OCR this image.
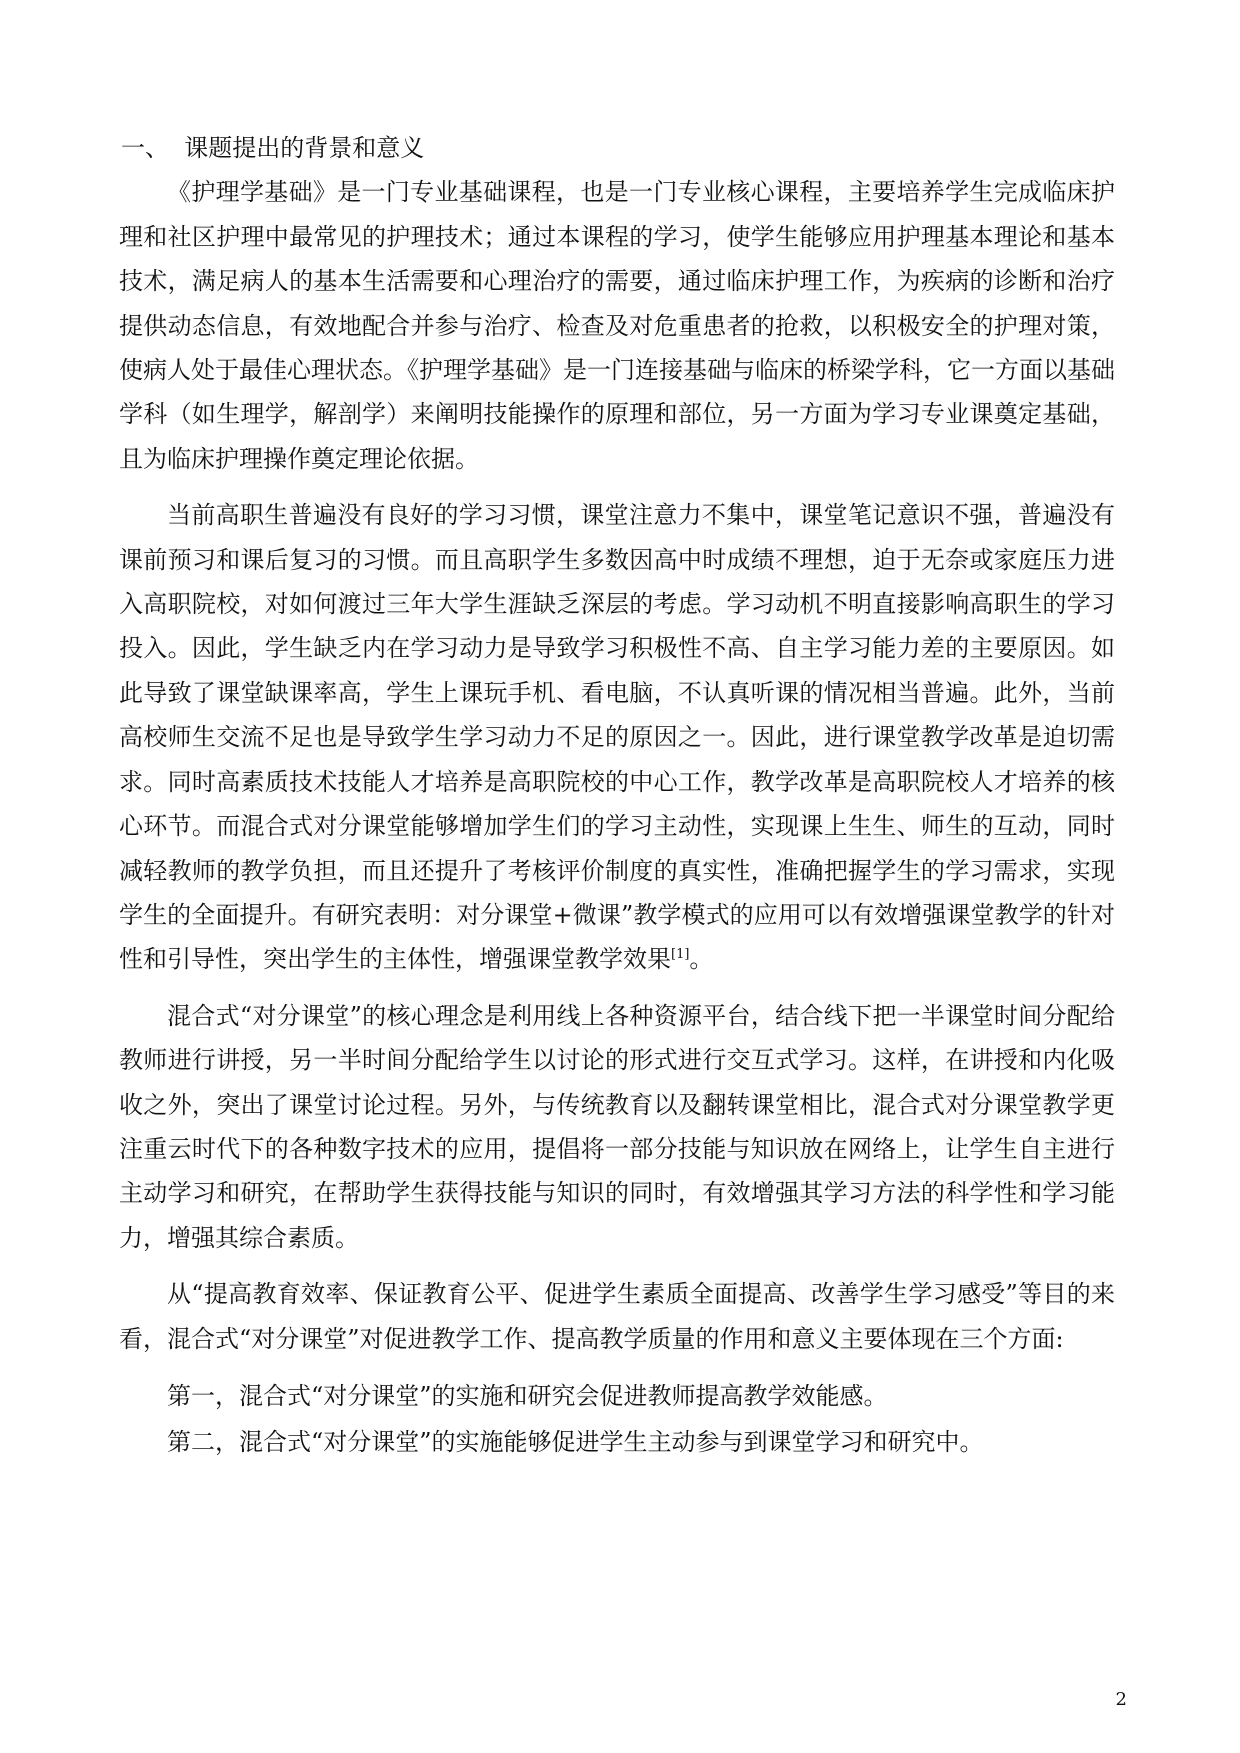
一、  课题提出的背景和意义

《护理学基础》是一门专业基础课程，也是一门专业核心课程，主要培养学生完成临床护理和社区护理中最常见的护理技术；通过本课程的学习，使学生能够应用护理基本理论和基本技术，满足病人的基本生活需要和心理治疗的需要，通过临床护理工作，为疾病的诊断和治疗提供动态信息，有效地配合并参与治疗、检查及对危重患者的抢救，以积极安全的护理对策，使病人处于最佳心理状态。《护理学基础》是一门连接基础与临床的桥梁学科，它一方面以基础学科（如生理学，解剖学）来阐明技能操作的原理和部位，另一方面为学习专业课奠定基础，且为临床护理操作奠定理论依据。

当前高职生普遍没有良好的学习习惯，课堂注意力不集中，课堂笔记意识不强，普遍没有课前预习和课后复习的习惯。而且高职学生多数因高中时成绩不理想，迫于无奈或家庭压力进入高职院校，对如何渡过三年大学生涯缺乏深层的考虑。学习动机不明直接影响高职生的学习投入。因此，学生缺乏内在学习动力是导致学习积极性不高、自主学习能力差的主要原因。如此导致了课堂缺课率高，学生上课玩手机、看电脑，不认真听课的情况相当普遍。此外，当前高校师生交流不足也是导致学生学习动力不足的原因之一。因此，进行课堂教学改革是迫切需求。同时高素质技术技能人才培养是高职院校的中心工作，教学改革是高职院校人才培养的核心环节。而混合式对分课堂能够增加学生们的学习主动性，实现课上生生、师生的互动，同时减轻教师的教学负担，而且还提升了考核评价制度的真实性，准确把握学生的学习需求，实现学生的全面提升。有研究表明：对分课堂+微课”教学模式的应用可以有效增强课堂教学的针对性和引导性，突出学生的主体性，增强课堂教学效果[1]。

混合式“对分课堂”的核心理念是利用线上各种资源平台，结合线下把一半课堂时间分配给教师进行讲授，另一半时间分配给学生以讨论的形式进行交互式学习。这样，在讲授和内化吸收之外，突出了课堂讨论过程。另外，与传统教育以及翻转课堂相比，混合式对分课堂教学更注重云时代下的各种数字技术的应用，提倡将一部分技能与知识放在网络上，让学生自主进行主动学习和研究，在帮助学生获得技能与知识的同时，有效增强其学习方法的科学性和学习能力，增强其综合素质。

从“提高教育效率、保证教育公平、促进学生素质全面提高、改善学生学习感受”等目的来看，混合式“对分课堂”对促进教学工作、提高教学质量的作用和意义主要体现在三个方面:

第一，混合式“对分课堂”的实施和研究会促进教师提高教学效能感。

第二，混合式“对分课堂”的实施能够促进学生主动参与到课堂学习和研究中。

2
